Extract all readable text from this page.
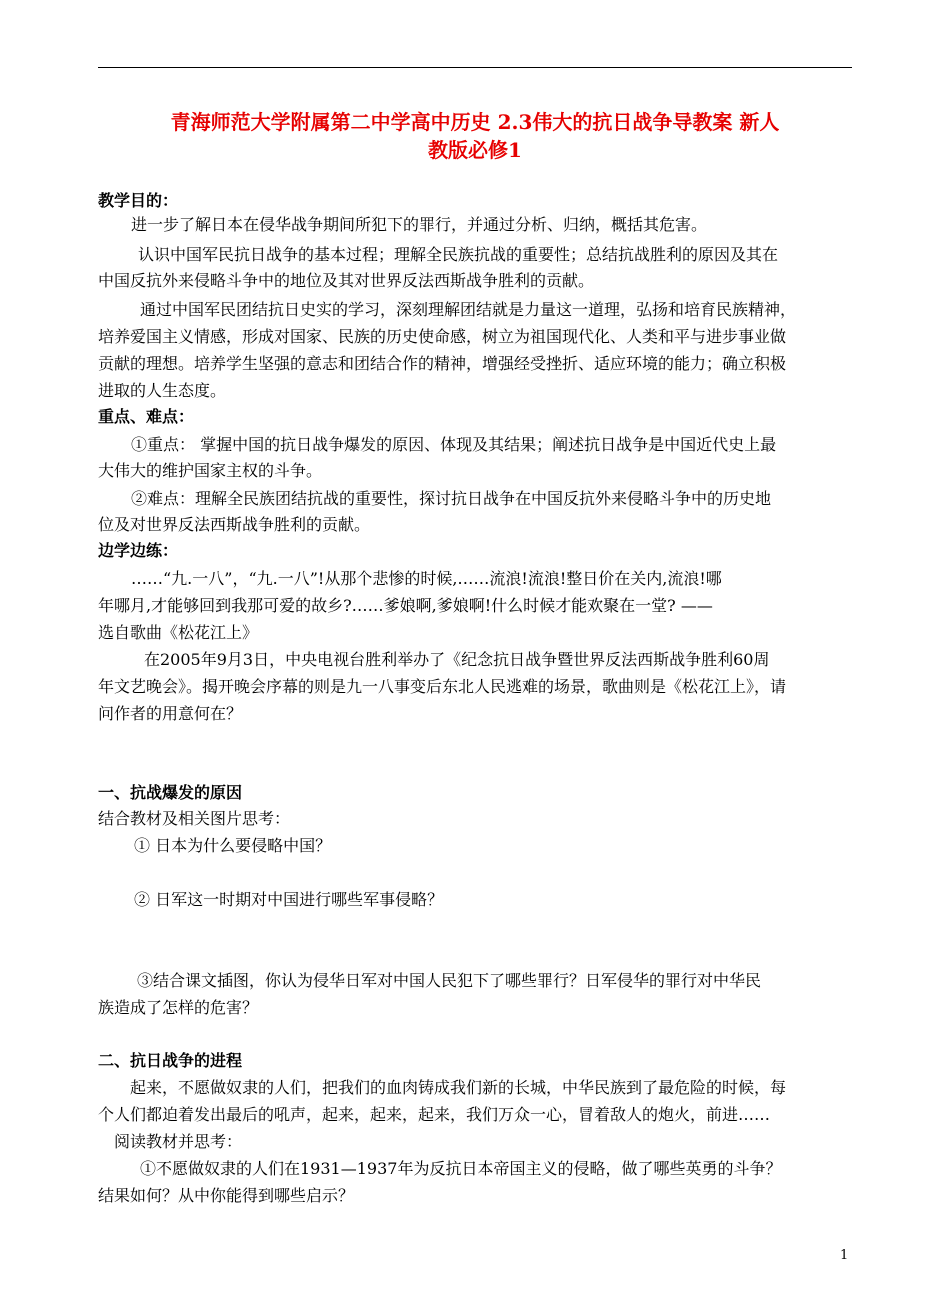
青海师范大学附属第二中学高中历史 2.3伟大的抗日战争导教案 新人
教版必修1
教学目的：
进一步了解日本在侵华战争期间所犯下的罪行，并通过分析、归纳，概括其危害。
认识中国军民抗日战争的基本过程；理解全民族抗战的重要性；总结抗战胜利的原因及其在
中国反抗外来侵略斗争中的地位及其对世界反法西斯战争胜利的贡献。
通过中国军民团结抗日史实的学习，深刻理解团结就是力量这一道理，弘扬和培育民族精神，
培养爱国主义情感，形成对国家、民族的历史使命感，树立为祖国现代化、人类和平与进步事业做
贡献的理想。培养学生坚强的意志和团结合作的精神，增强经受挫折、适应环境的能力；确立积极
进取的人生态度。
重点、难点：
①重点： 掌握中国的抗日战争爆发的原因、体现及其结果；阐述抗日战争是中国近代史上最
大伟大的维护国家主权的斗争。
②难点：理解全民族团结抗战的重要性，探讨抗日战争在中国反抗外来侵略斗争中的历史地
位及对世界反法西斯战争胜利的贡献。
边学边练：
……“九.一八”，“九.一八”!从那个悲惨的时候,……流浪!流浪!整日价在关内,流浪!哪
年哪月,才能够回到我那可爱的故乡?……爹娘啊,爹娘啊!什么时候才能欢聚在一堂? ——
选自歌曲《松花江上》
在2005年9月3日，中央电视台胜利举办了《纪念抗日战争暨世界反法西斯战争胜利60周
年文艺晚会》。揭开晚会序幕的则是九一八事变后东北人民逃难的场景，歌曲则是《松花江上》，请
问作者的用意何在？
一、抗战爆发的原因
结合教材及相关图片思考：
① 日本为什么要侵略中国？
② 日军这一时期对中国进行哪些军事侵略？
③结合课文插图，你认为侵华日军对中国人民犯下了哪些罪行？日军侵华的罪行对中华民
族造成了怎样的危害？
二、抗日战争的进程
起来，不愿做奴隶的人们，把我们的血肉铸成我们新的长城，中华民族到了最危险的时候，每
个人们都迫着发出最后的吼声，起来，起来，起来，我们万众一心，冒着敌人的炮火，前进……
阅读教材并思考：
①不愿做奴隶的人们在1931—1937年为反抗日本帝国主义的侵略，做了哪些英勇的斗争？
结果如何？从中你能得到哪些启示？
1
